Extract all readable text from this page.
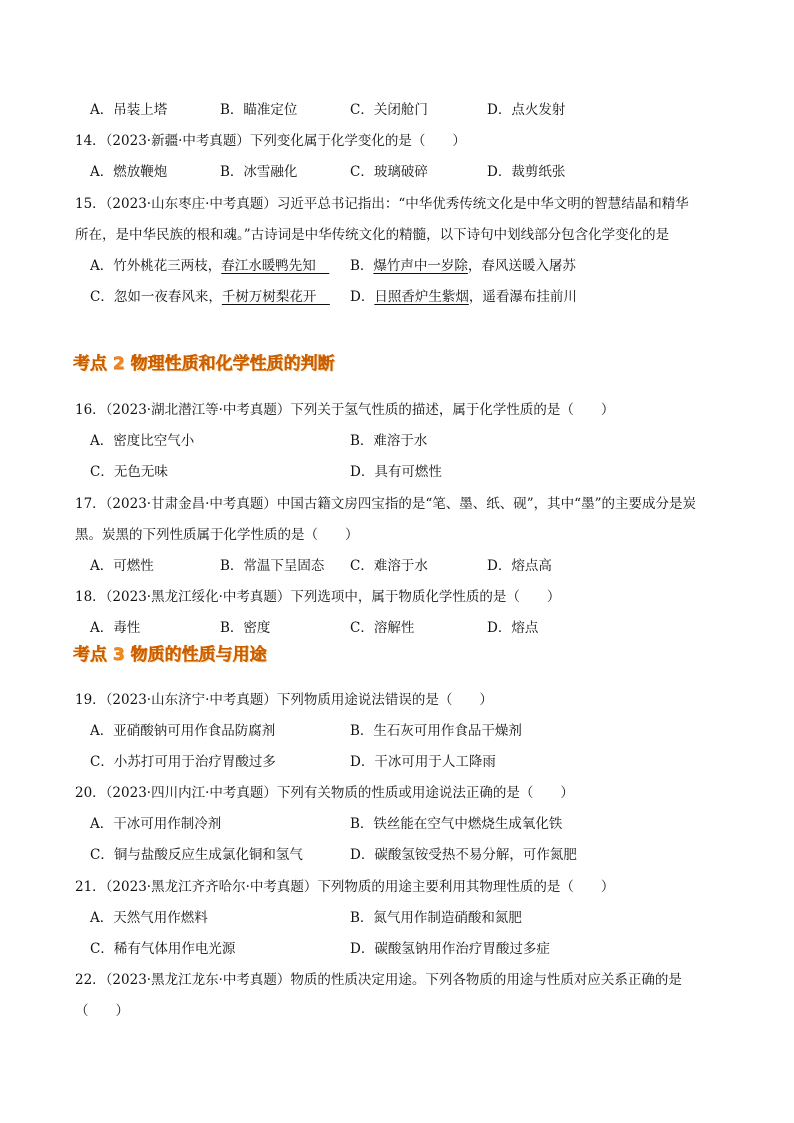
A．吊装上塔	B．瞄准定位	C．关闭舱门	D．点火发射
14．（2023·新疆·中考真题）下列变化属于化学变化的是（　　）
A．燃放鞭炮	B．冰雪融化	C．玻璃破碎	D．裁剪纸张
15．（2023·山东枣庄·中考真题）习近平总书记指出：“中华优秀传统文化是中华文明的智慧结晶和精华
所在，是中华民族的根和魂。”古诗词是中华传统文化的精髓，以下诗句中划线部分包含化学变化的是
A．竹外桃花三两枝，春江水暖鸭先知　 B．爆竹声中一岁除，春风送暖入屠苏
C．忽如一夜春风来，千树万树梨花开　 D．日照香炉生紫烟，遥看瀑布挂前川
考点 2 物理性质和化学性质的判断
16．（2023·湖北潜江等·中考真题）下列关于氢气性质的描述，属于化学性质的是（　　）
A．密度比空气小	B．难溶于水
C．无色无味	D．具有可燃性
17．（2023·甘肃金昌·中考真题）中国古籍文房四宝指的是“笔、墨、纸、砚”，其中“墨”的主要成分是炭
黑。炭黑的下列性质属于化学性质的是（　　）
A．可燃性	B．常温下呈固态 C．难溶于水	D．熔点高
18．（2023·黑龙江绥化·中考真题）下列选项中，属于物质化学性质的是（　　）
A．毒性	B．密度	C．溶解性	D．熔点
考点 3 物质的性质与用途
19．（2023·山东济宁·中考真题）下列物质用途说法错误的是（　　）
A．亚硝酸钠可用作食品防腐剂	B．生石灰可用作食品干燥剂
C．小苏打可用于治疗胃酸过多	D．干冰可用于人工降雨
20．（2023·四川内江·中考真题）下列有关物质的性质或用途说法正确的是（　　）
A．干冰可用作制冷剂	B．铁丝能在空气中燃烧生成氧化铁
C．铜与盐酸反应生成氯化铜和氢气	D．碳酸氢铵受热不易分解，可作氮肥
21．（2023·黑龙江齐齐哈尔·中考真题）下列物质的用途主要利用其物理性质的是（　　）
A．天然气用作燃料	B．氮气用作制造硝酸和氮肥
C．稀有气体用作电光源	D．碳酸氢钠用作治疗胃酸过多症
22．（2023·黑龙江龙东·中考真题）物质的性质决定用途。下列各物质的用途与性质对应关系正确的是
（　　）
